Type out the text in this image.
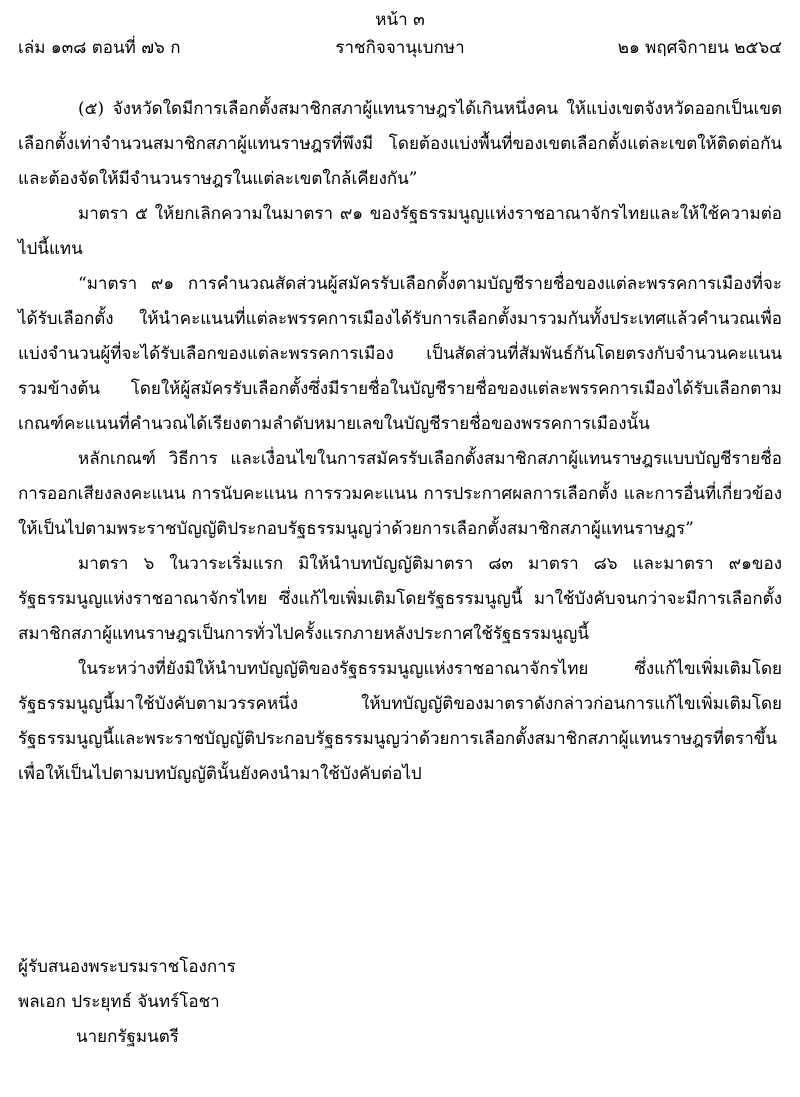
หน้า ๓
เล่ม ๑๓๘ ตอนที่ ๗๖ ก	ราชกิจจานุเบกษา	๒๑ พฤศจิกายน ๒๕๖๔

(๕) จังหวัดใดมีการเลือกตั้งสมาชิกสภาผู้แทนราษฎรได้เกินหนึ่งคน ให้แบ่งเขตจังหวัดออกเป็นเขตเลือกตั้งเท่าจำนวนสมาชิกสภาผู้แทนราษฎรที่พึงมี โดยต้องแบ่งพื้นที่ของเขตเลือกตั้งแต่ละเขตให้ติดต่อกันและต้องจัดให้มีจำนวนราษฎรในแต่ละเขตใกล้เคียงกัน”

มาตรา ๕ ให้ยกเลิกความในมาตรา ๙๑ ของรัฐธรรมนูญแห่งราชอาณาจักรไทยและให้ใช้ความต่อไปนี้แทน

“มาตรา ๙๑ การคำนวณสัดส่วนผู้สมัครรับเลือกตั้งตามบัญชีรายชื่อของแต่ละพรรคการเมืองที่จะได้รับเลือกตั้ง ให้นำคะแนนที่แต่ละพรรคการเมืองได้รับการเลือกตั้งมารวมกันทั้งประเทศแล้วคำนวณเพื่อแบ่งจำนวนผู้ที่จะได้รับเลือกของแต่ละพรรคการเมือง เป็นสัดส่วนที่สัมพันธ์กันโดยตรงกับจำนวนคะแนนรวมข้างต้น โดยให้ผู้สมัครรับเลือกตั้งซึ่งมีรายชื่อในบัญชีรายชื่อของแต่ละพรรคการเมืองได้รับเลือกตามเกณฑ์คะแนนที่คำนวณได้เรียงตามลำดับหมายเลขในบัญชีรายชื่อของพรรคการเมืองนั้น

หลักเกณฑ์ วิธีการ และเงื่อนไขในการสมัครรับเลือกตั้งสมาชิกสภาผู้แทนราษฎรแบบบัญชีรายชื่อการออกเสียงลงคะแนน การนับคะแนน การรวมคะแนน การประกาศผลการเลือกตั้ง และการอื่นที่เกี่ยวข้อง ให้เป็นไปตามพระราชบัญญัติประกอบรัฐธรรมนูญว่าด้วยการเลือกตั้งสมาชิกสภาผู้แทนราษฎร”

มาตรา ๖ ในวาระเริ่มแรก มิให้นำบทบัญญัติมาตรา ๘๓ มาตรา ๘๖ และมาตรา ๙๑ของรัฐธรรมนูญแห่งราชอาณาจักรไทย ซึ่งแก้ไขเพิ่มเติมโดยรัฐธรรมนูญนี้ มาใช้บังคับจนกว่าจะมีการเลือกตั้งสมาชิกสภาผู้แทนราษฎรเป็นการทั่วไปครั้งแรกภายหลังประกาศใช้รัฐธรรมนูญนี้

ในระหว่างที่ยังมิให้นำบทบัญญัติของรัฐธรรมนูญแห่งราชอาณาจักรไทย ซึ่งแก้ไขเพิ่มเติมโดยรัฐธรรมนูญนี้มาใช้บังคับตามวรรคหนึ่ง ให้บทบัญญัติของมาตราดังกล่าวก่อนการแก้ไขเพิ่มเติมโดยรัฐธรรมนูญนี้และพระราชบัญญัติประกอบรัฐธรรมนูญว่าด้วยการเลือกตั้งสมาชิกสภาผู้แทนราษฎรที่ตราขึ้นเพื่อให้เป็นไปตามบทบัญญัตินั้นยังคงนำมาใช้บังคับต่อไป

ผู้รับสนองพระบรมราชโองการ

พลเอก ประยุทธ์ จันทร์โอชา

นายกรัฐมนตรี
